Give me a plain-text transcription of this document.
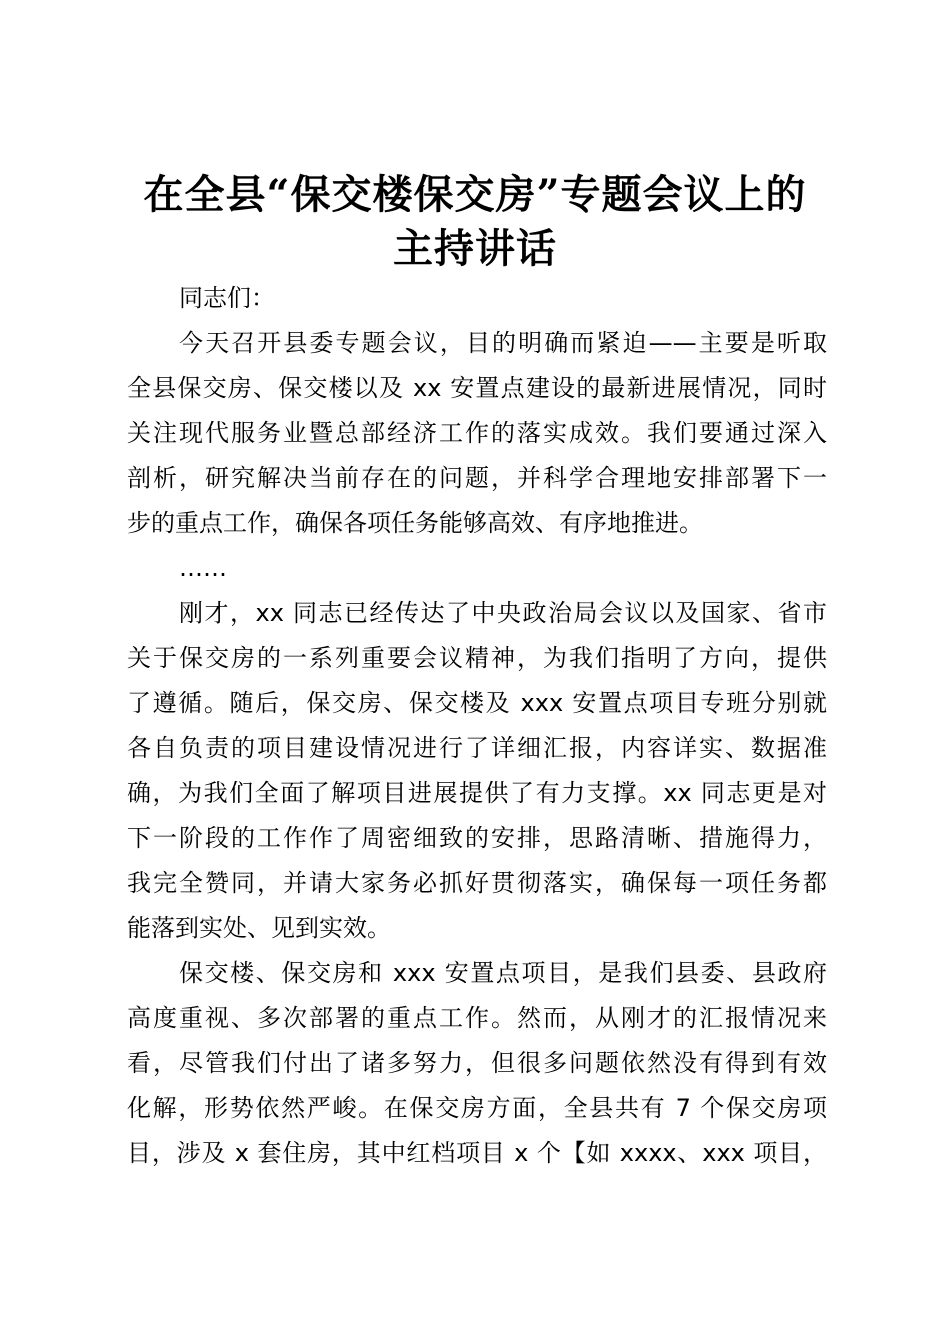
在全县“保交楼保交房”专题会议上的
主持讲话
同志们：
今天召开县委专题会议，目的明确而紧迫——主要是听取
全县保交房、保交楼以及 xx 安置点建设的最新进展情况，同时
关注现代服务业暨总部经济工作的落实成效。我们要通过深入
剖析，研究解决当前存在的问题，并科学合理地安排部署下一
步的重点工作，确保各项任务能够高效、有序地推进。
……
刚才，xx 同志已经传达了中央政治局会议以及国家、省市
关于保交房的一系列重要会议精神，为我们指明了方向，提供
了遵循。随后，保交房、保交楼及 xxx 安置点项目专班分别就
各自负责的项目建设情况进行了详细汇报，内容详实、数据准
确，为我们全面了解项目进展提供了有力支撑。xx 同志更是对
下一阶段的工作作了周密细致的安排，思路清晰、措施得力，
我完全赞同，并请大家务必抓好贯彻落实，确保每一项任务都
能落到实处、见到实效。
保交楼、保交房和 xxx 安置点项目，是我们县委、县政府
高度重视、多次部署的重点工作。然而，从刚才的汇报情况来
看，尽管我们付出了诸多努力，但很多问题依然没有得到有效
化解，形势依然严峻。在保交房方面，全县共有 7 个保交房项
目，涉及 x 套住房，其中红档项目 x 个【如 xxxx、xxx 项目，
